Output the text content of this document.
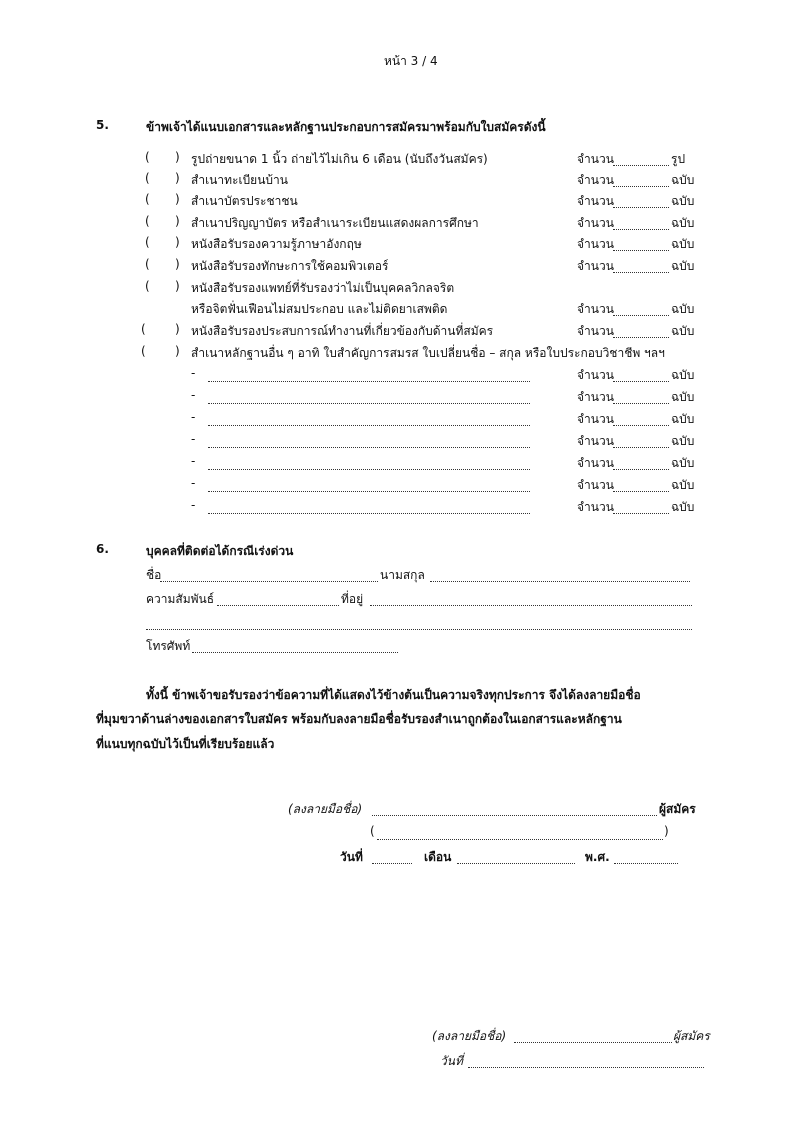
หน้า 3 / 4
5.	ข้าพเจ้าได้แนบเอกสารและหลักฐานประกอบการสมัครมาพร้อมกับใบสมัครดังนี้
( ) รูปถ่ายขนาด 1 นิ้ว ถ่ายไว้ไม่เกิน 6 เดือน (นับถึงวันสมัคร)	จำนวน	รูป
( ) สำเนาทะเบียนบ้าน	จำนวน	ฉบับ
( ) สำเนาบัตรประชาชน	จำนวน	ฉบับ
( ) สำเนาปริญญาบัตร หรือสำเนาระเบียนแสดงผลการศึกษา	จำนวน	ฉบับ
( ) หนังสือรับรองความรู้ภาษาอังกฤษ	จำนวน	ฉบับ
( ) หนังสือรับรองทักษะการใช้คอมพิวเตอร์	จำนวน	ฉบับ
( ) หนังสือรับรองแพทย์ที่รับรองว่าไม่เป็นบุคคลวิกลจริต
หรือจิตฟั่นเฟือนไม่สมประกอบ และไม่ติดยาเสพติด	จำนวน	ฉบับ
( ) หนังสือรับรองประสบการณ์ทำงานที่เกี่ยวข้องกับด้านที่สมัคร	จำนวน	ฉบับ
( ) สำเนาหลักฐานอื่น ๆ อาทิ ใบสำคัญการสมรส ใบเปลี่ยนชื่อ – สกุล หรือใบประกอบวิชาชีพ ฯลฯ
-	จำนวน	ฉบับ
-	จำนวน	ฉบับ
-	จำนวน	ฉบับ
-	จำนวน	ฉบับ
-	จำนวน	ฉบับ
-	จำนวน	ฉบับ
-	จำนวน	ฉบับ
6.	บุคคลที่ติดต่อได้กรณีเร่งด่วน
ชื่อ	นามสกุล
ความสัมพันธ์	ที่อยู่
โทรศัพท์
ทั้งนี้ ข้าพเจ้าขอรับรองว่าข้อความที่ได้แสดงไว้ข้างต้นเป็นความจริงทุกประการ จึงได้ลงลายมือชื่อ
ที่มุมขวาด้านล่างของเอกสารใบสมัคร พร้อมกับลงลายมือชื่อรับรองสำเนาถูกต้องในเอกสารและหลักฐาน
ที่แนบทุกฉบับไว้เป็นที่เรียบร้อยแล้ว
(ลงลายมือชื่อ)	ผู้สมัคร
(	)
วันที่	เดือน	พ.ศ.
(ลงลายมือชื่อ)	ผู้สมัคร
วันที่
